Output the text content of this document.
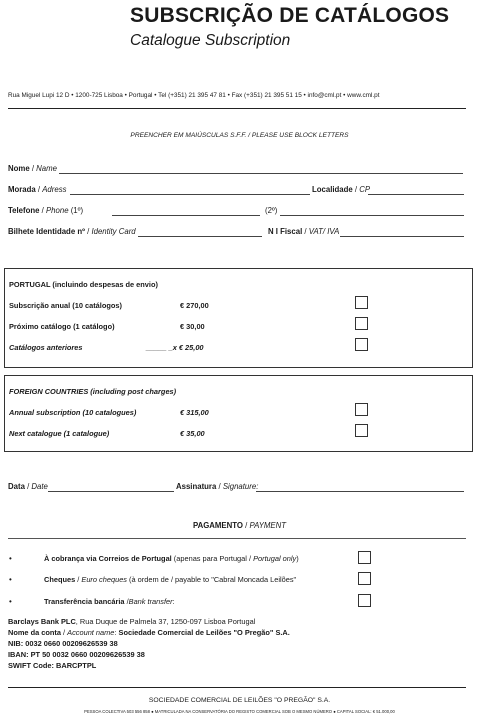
SUBSCRIÇÃO DE CATÁLOGOS
Catalogue Subscription
Rua Miguel Lupi 12 D • 1200-725 Lisboa • Portugal • Tel (+351) 21 395 47 81 • Fax (+351) 21 395 51 15 • info@cml.pt • www.cml.pt
PREENCHER EM MAIÚSCULAS S.F.F. / PLEASE USE BLOCK LETTERS
Nome / Name
Morada / Adress	Localidade / CP
Telefone / Phone (1º)	(2º)
Bilhete Identidade nº / Identity Card	N I Fiscal / VAT/ IVA
PORTUGAL (incluindo despesas de envio)
Subscrição anual (10 catálogos)	€ 270,00
Próximo catálogo (1 catálogo)	€ 30,00
Catálogos anteriores	_____ _x € 25,00
FOREIGN COUNTRIES (including post charges)
Annual subscription (10 catalogues)	€ 315,00
Next catalogue (1 catalogue)	€ 35,00
Data / Date	Assinatura / Signature:
PAGAMENTO / PAYMENT
•	À cobrança via Correios de Portugal (apenas para Portugal / Portugal only)
•	Cheques / Euro cheques (à ordem de / payable to "Cabral Moncada Leilões"
•	Transferência bancária /Bank transfer:
Barclays Bank PLC, Rua Duque de Palmela 37, 1250-097 Lisboa Portugal
Nome da conta / Account name: Sociedade Comercial de Leilões "O Pregão" S.A.
NIB: 0032 0660 00209626539 38
IBAN: PT 50 0032 0660 00209626539 38
SWIFT Code: BARCPTPL
SOCIEDADE COMERCIAL DE LEILÕES "O PREGÃO" S.A.
PESSOA COLECTIVA 503 556 858 ● MATRICULADA NA CONSERVATÓRIA DO REGISTO COMERCIAL SOB O MESMO NÚMERO ● CAPITAL SOCIAL: € 51.000,00
